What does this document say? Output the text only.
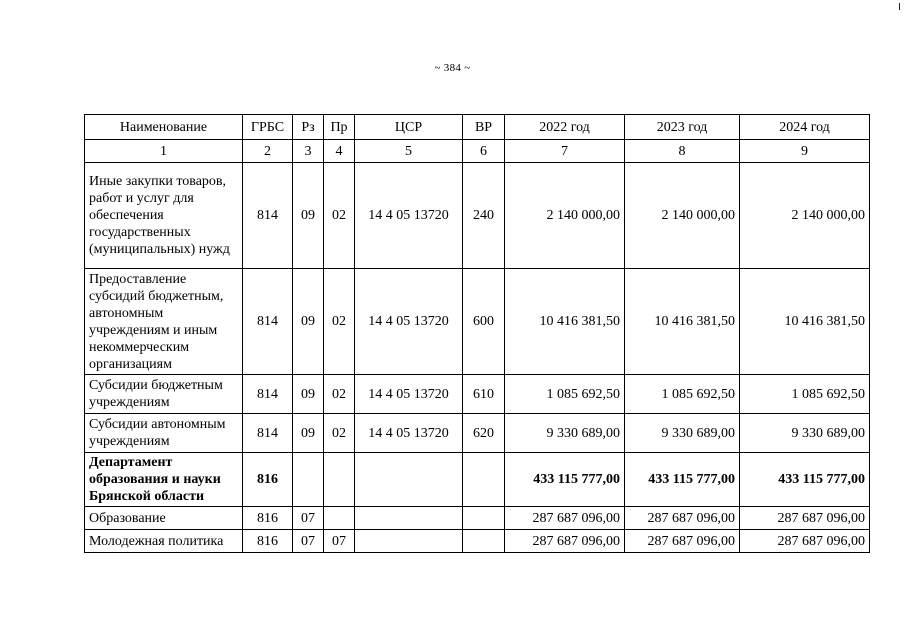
~ 384 ~
Наименование	ГРБС	Рз	Пр	ЦСР	ВР	2022 год	2023 год	2024 год
1	2	3	4	5	6	7	8	9
Иные закупки товаров, работ и услуг для обеспечения государственных (муниципальных) нужд	814	09	02	14 4 05 13720	240	2 140 000,00	2 140 000,00	2 140 000,00
Предоставление субсидий бюджетным, автономным учреждениям и иным некоммерческим организациям	814	09	02	14 4 05 13720	600	10 416 381,50	10 416 381,50	10 416 381,50
Субсидии бюджетным учреждениям	814	09	02	14 4 05 13720	610	1 085 692,50	1 085 692,50	1 085 692,50
Субсидии автономным учреждениям	814	09	02	14 4 05 13720	620	9 330 689,00	9 330 689,00	9 330 689,00
Департамент образования и науки Брянской области	816					433 115 777,00	433 115 777,00	433 115 777,00
Образование	816	07				287 687 096,00	287 687 096,00	287 687 096,00
Молодежная политика	816	07	07			287 687 096,00	287 687 096,00	287 687 096,00
